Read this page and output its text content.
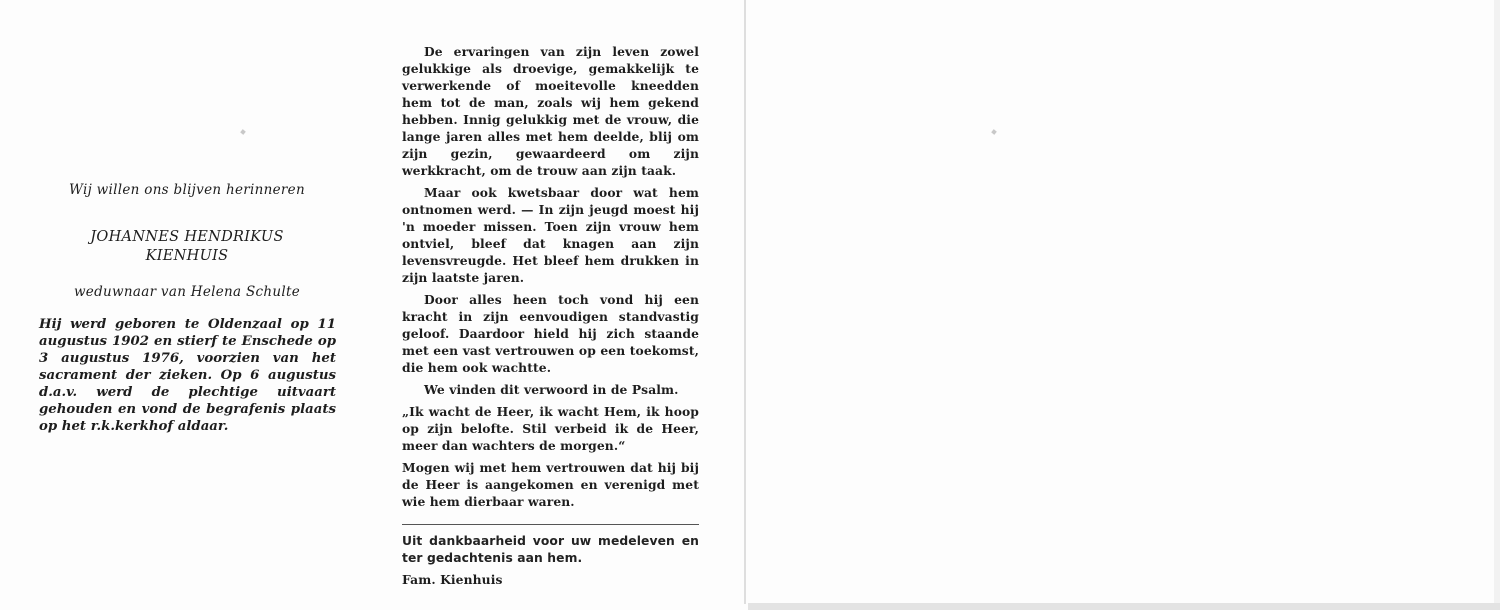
Wij willen ons blijven herinneren

JOHANNES HENDRIKUS
KIENHUIS

weduwnaar van Helena Schulte

Hij werd geboren te Oldenzaal op 11 augustus 1902 en stierf te Enschede op 3 augustus 1976, voorzien van het sacrament der zieken. Op 6 augustus d.a.v. werd de plechtige uitvaart gehouden en vond de begrafenis plaats op het r.k.kerkhof aldaar.

De ervaringen van zijn leven zowel gelukkige als droevige, gemakkelijk te verwerkende of moeitevolle kneedden hem tot de man, zoals wij hem gekend hebben. Innig gelukkig met de vrouw, die lange jaren alles met hem deelde, blij om zijn gezin, gewaardeerd om zijn werkkracht, om de trouw aan zijn taak.

Maar ook kwetsbaar door wat hem ontnomen werd. — In zijn jeugd moest hij 'n moeder missen. Toen zijn vrouw hem ontviel, bleef dat knagen aan zijn levensvreugde. Het bleef hem drukken in zijn laatste jaren.

Door alles heen toch vond hij een kracht in zijn eenvoudigen standvastig geloof. Daardoor hield hij zich staande met een vast vertrouwen op een toekomst, die hem ook wachtte.

We vinden dit verwoord in de Psalm.

„Ik wacht de Heer, ik wacht Hem, ik hoop op zijn belofte. Stil verbeid ik de Heer, meer dan wachters de morgen.“

Mogen wij met hem vertrouwen dat hij bij de Heer is aangekomen en verenigd met wie hem dierbaar waren.

Uit dankbaarheid voor uw medeleven en ter gedachtenis aan hem.

Fam. Kienhuis
